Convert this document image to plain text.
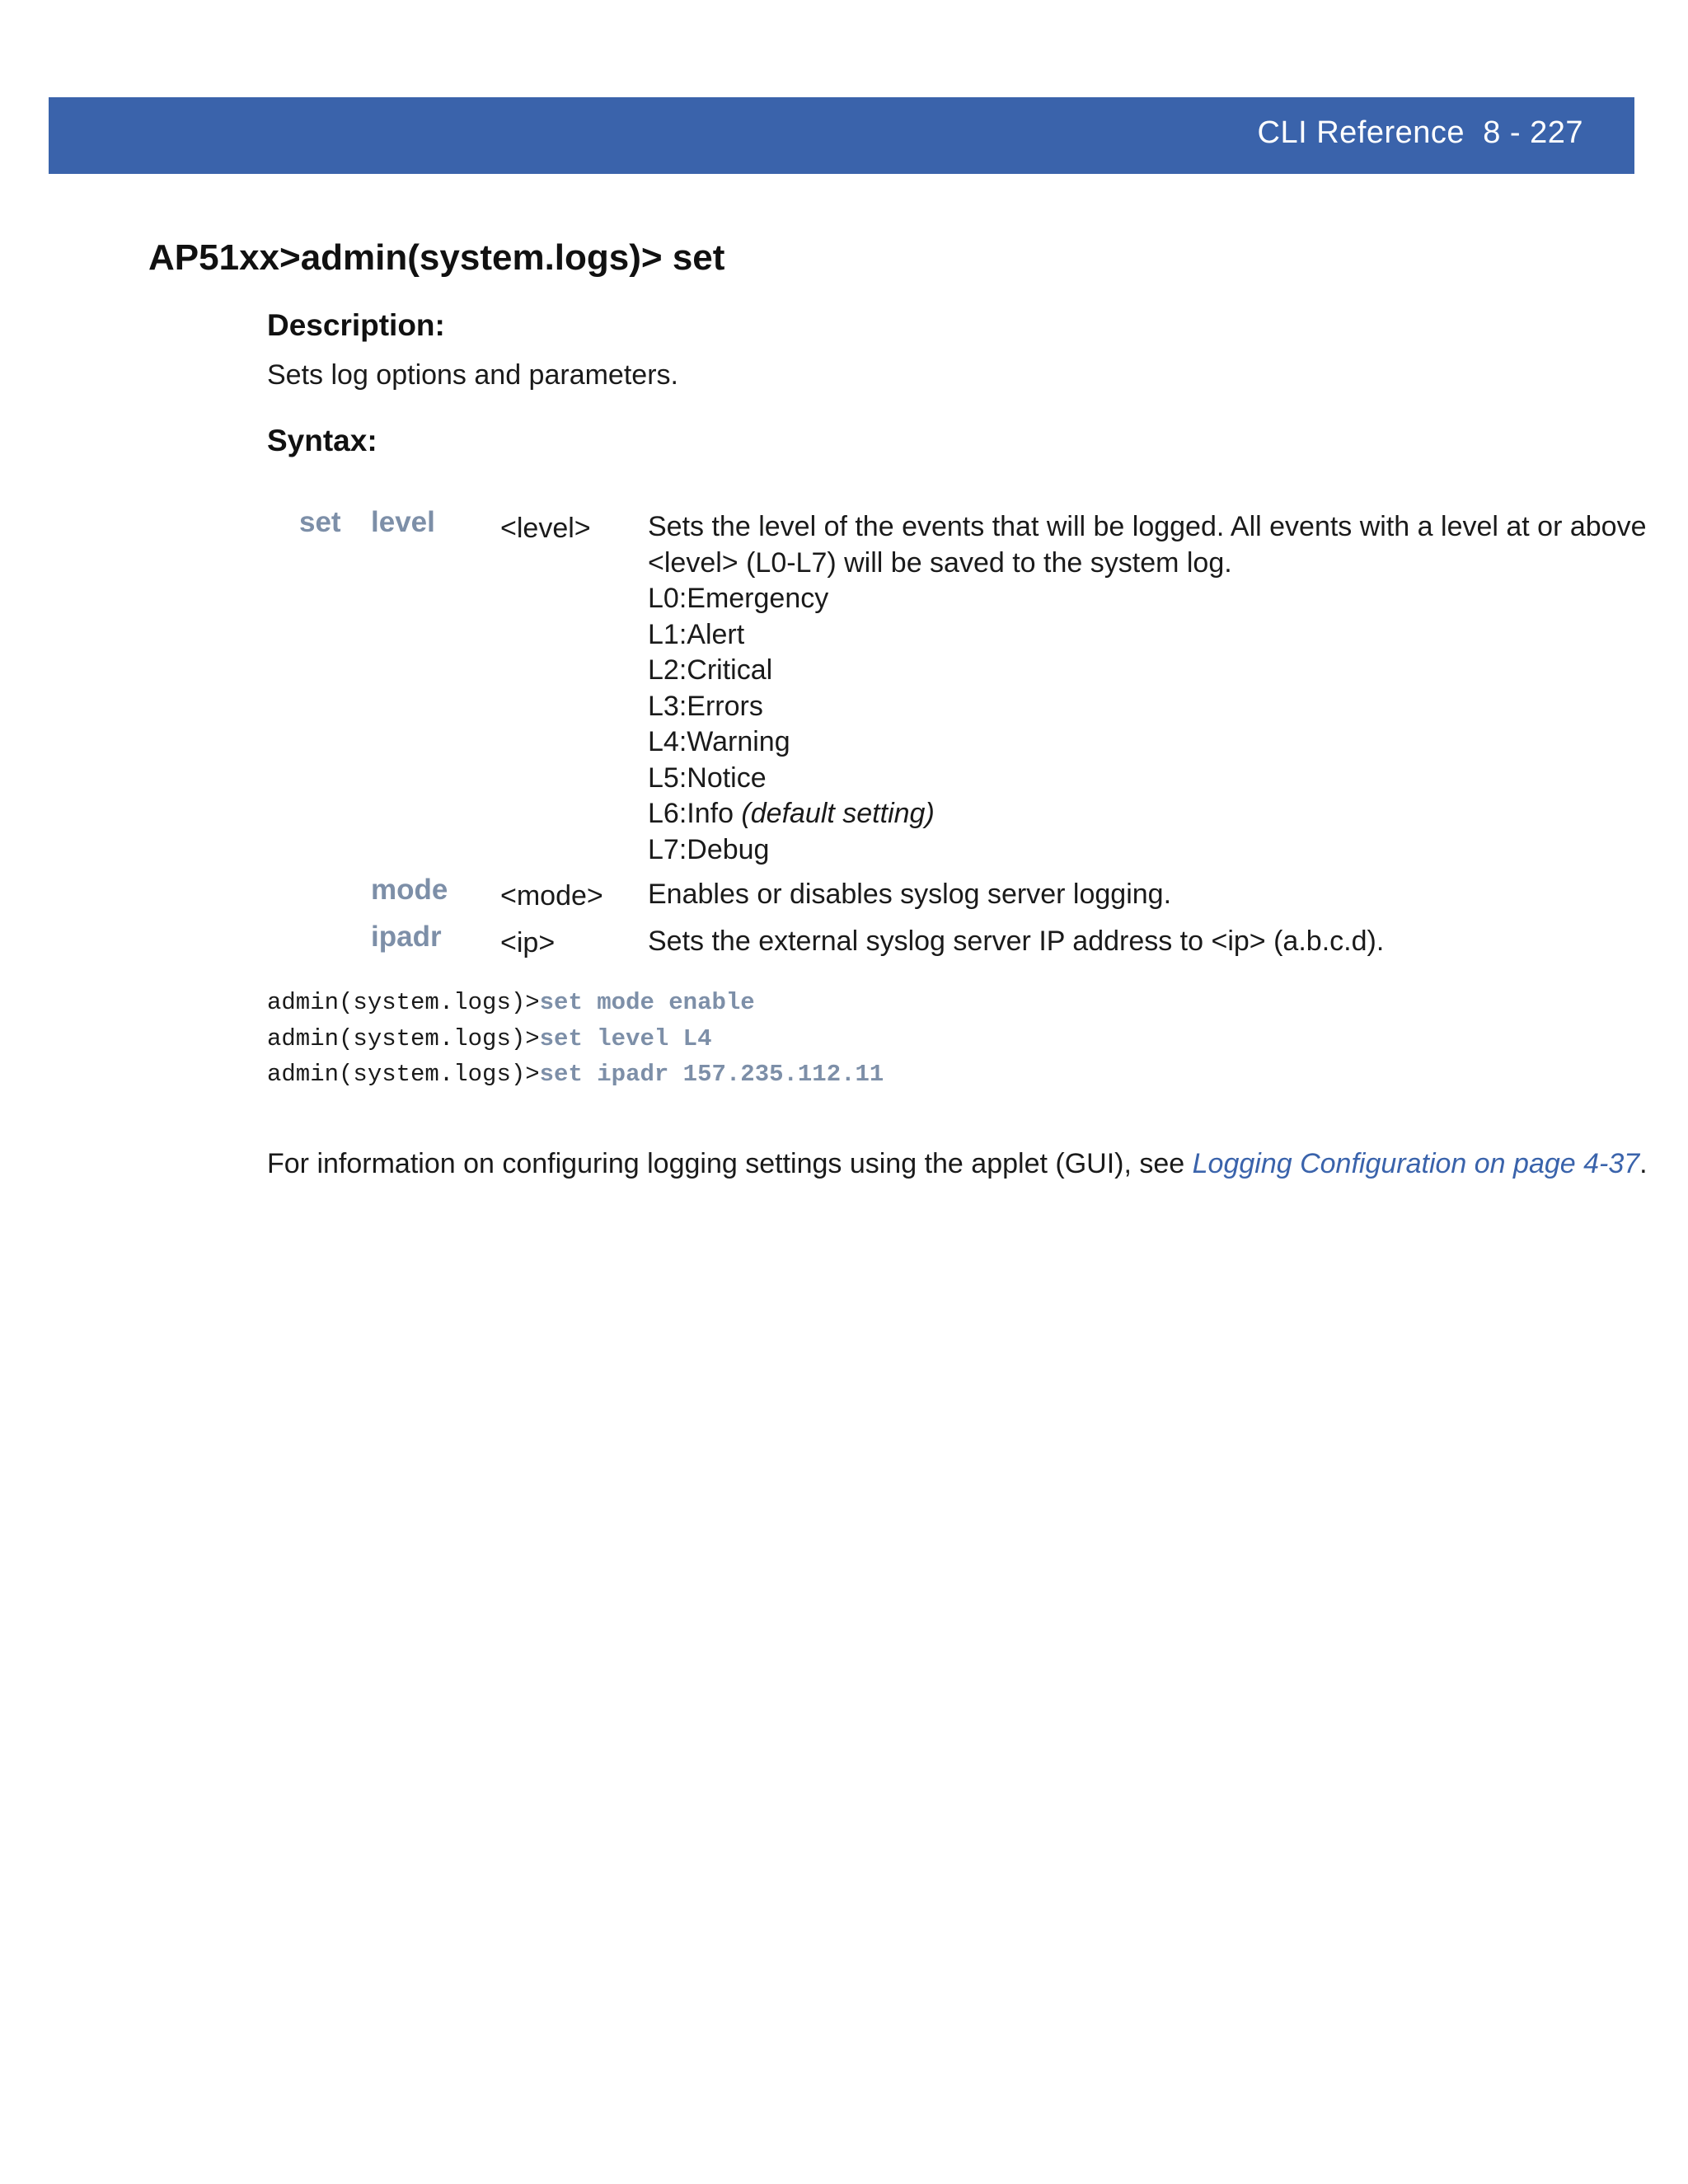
CLI Reference 8 - 227
AP51xx>admin(system.logs)> set
Description:

Sets log options and parameters.

Syntax:
set level <level> Sets the level of the events that will be logged. All events with a level at or above
<level> (L0-L7) will be saved to the system log.
L0:Emergency
L1:Alert
L2:Critical
L3:Errors
L4:Warning
L5:Notice
L6:Info (default setting)
L7:Debug
mode <mode> Enables or disables syslog server logging.
ipadr <ip>	Sets the external syslog server IP address to <ip> (a.b.c.d).
admin(system.logs)>set mode enable
admin(system.logs)>set level L4
admin(system.logs)>set ipadr 157.235.112.11

For information on configuring logging settings using the applet (GUI), see Logging Configuration on page 4-37.
